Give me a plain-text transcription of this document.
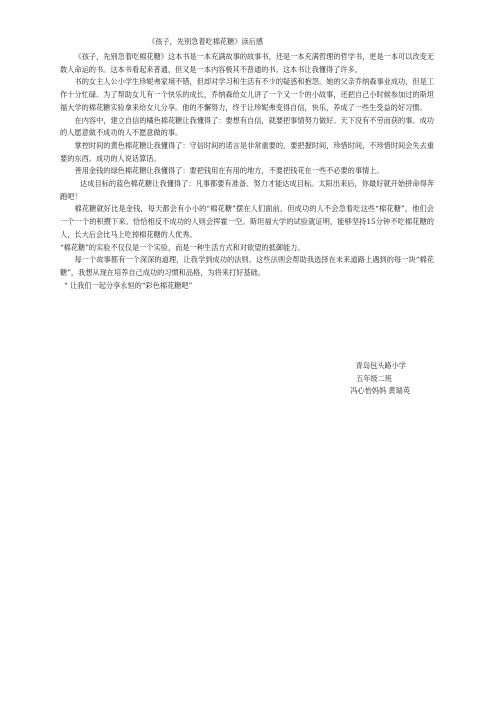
《孩子，先别急着吃棉花糖》读后感

《孩子，先别急着吃棉花糖》这本书是一本充满故事的故事书，还是一本充满哲理的哲学书，更是一本可以改变无数人命运的书。这本书看起来普通，但又是一本内容极其不普通的书。这本书让我懂得了许多。

书的女主人公小学生珍妮弗家境不错，但却对学习和生活有不少的疑惑和抱怨。她的父亲乔纳森事业成功，但是工作十分忙碌。为了帮助女儿有一个快乐的成长，乔纳森给女儿讲了一个又一个的小故事，还把自己小时候参加过的斯坦福大学的棉花糖实验拿来给女儿分享。他的不懈努力，终于让珍妮弗变得自信，快乐，养成了一些生受益的好习惯。

在内容中，建立自信的橘色棉花糖让我懂得了：要想有自信，就要把事情努力做好。天下没有不劳而获的事。成功的人愿意做不成功的人不愿意做的事。

掌控时间的黄色棉花糖让我懂得了：守信时间的诺言是非常重要的，要把握时间，珍惜时间，不珍惜时间会失去重要的东西。成功的人说话算话。

善用金钱的绿色棉花糖让我懂得了：要把钱用在有用的地方，不要把钱花在一些不必要的事情上。

达成目标的蓝色棉花糖让我懂得了：凡事都要有准备、努力才能达成目标。太阳出来后，你最好就开始拼命得奔跑吧！

棉花糖就好比是金钱，每天都会有小小的“棉花糖”摆在人们面前，但成功的人不会急着吃这些“棉花糖”，他们会一个一个的积攒下来。恰恰相反不成功的人则会挥霍一空。斯坦福大学的试验就证明，能够坚持15分钟不吃棉花糖的人，长大后会比马上吃掉棉花糖的人优秀。

“棉花糖”的实验不仅仅是一个实验，而是一种生活方式和对欲望的抵御能力。

每一个故事都有一个深深的道理，让我学到成功的法则。这些法则会帮助我选择在未来道路上遇到的每一块“棉花糖”，我想从现在培养自己成功的习惯和品格，为将来打好基础。

“ 让我们一起分享永恒的“彩色棉花糖吧”

青岛包头路小学
五年级二班
冯心怡妈妈 黄瑞英
